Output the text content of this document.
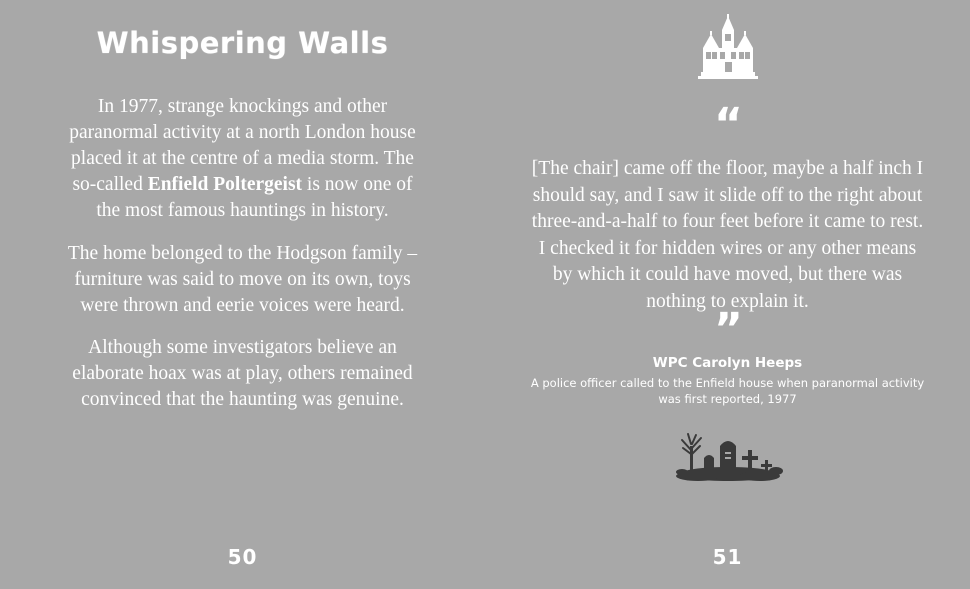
Whispering Walls

In 1977, strange knockings and other paranormal activity at a north London house placed it at the centre of a media storm. The so-called Enfield Poltergeist is now one of the most famous hauntings in history.

The home belonged to the Hodgson family – furniture was said to move on its own, toys were thrown and eerie voices were heard.

Although some investigators believe an elaborate hoax was at play, others remained convinced that the haunting was genuine.

50
“
[The chair] came off the floor, maybe a half inch I should say, and I saw it slide off to the right about three-and-a-half to four feet before it came to rest. I checked it for hidden wires or any other means by which it could have moved, but there was nothing to explain it.
”
WPC Carolyn Heeps
A police officer called to the Enfield house when paranormal activity was first reported, 1977
51
